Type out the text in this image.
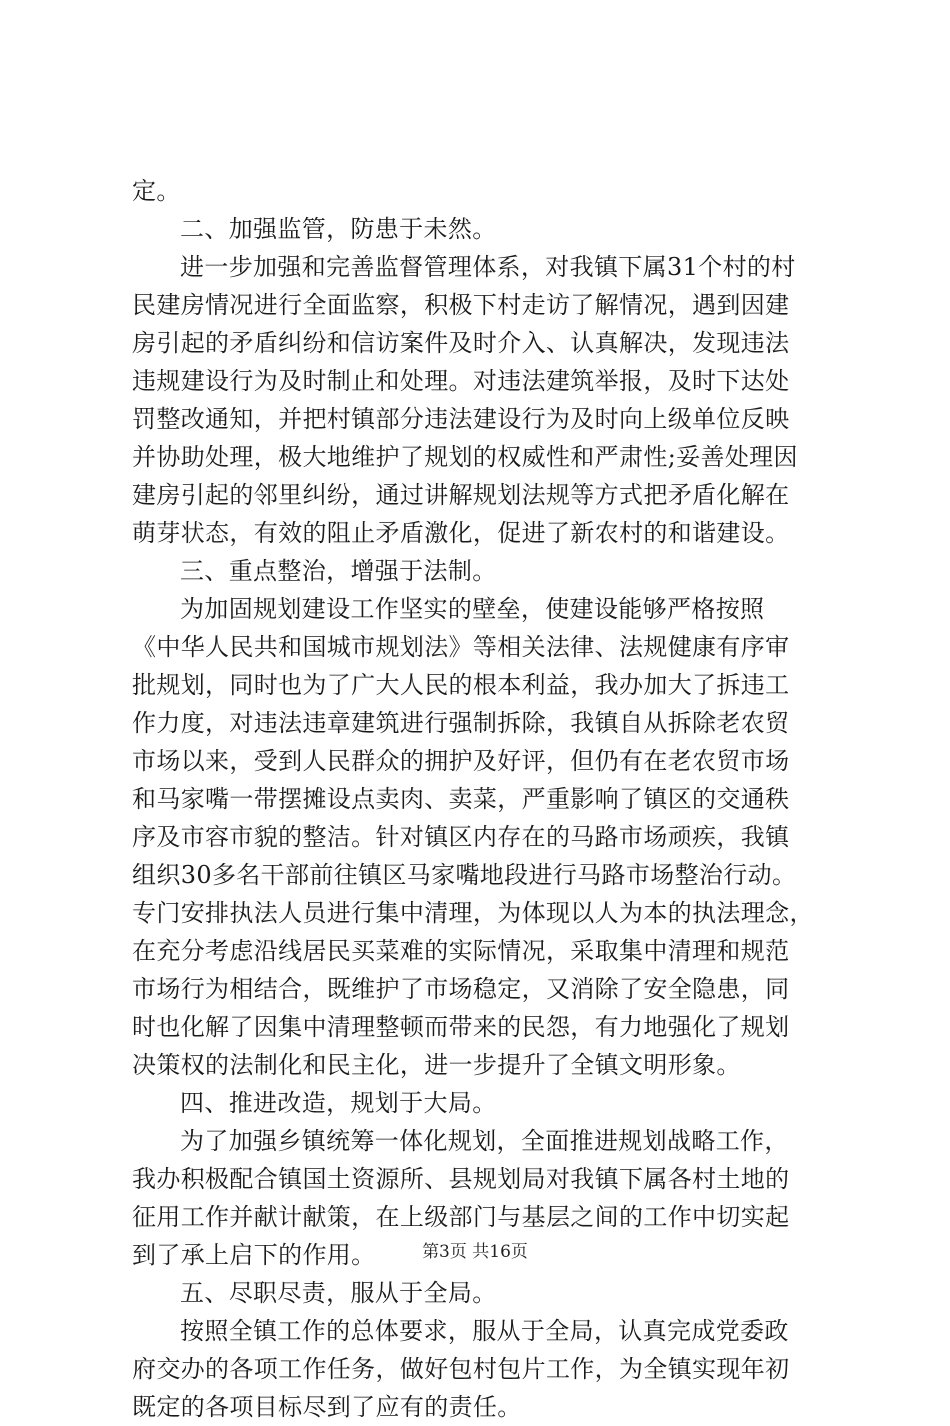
定。
二、加强监管，防患于未然。
进一步加强和完善监督管理体系，对我镇下属31个村的村
民建房情况进行全面监察，积极下村走访了解情况，遇到因建
房引起的矛盾纠纷和信访案件及时介入、认真解决，发现违法
违规建设行为及时制止和处理。对违法建筑举报，及时下达处
罚整改通知，并把村镇部分违法建设行为及时向上级单位反映
并协助处理，极大地维护了规划的权威性和严肃性;妥善处理因
建房引起的邻里纠纷，通过讲解规划法规等方式把矛盾化解在
萌芽状态，有效的阻止矛盾激化，促进了新农村的和谐建设。
三、重点整治，增强于法制。
为加固规划建设工作坚实的壁垒，使建设能够严格按照
《中华人民共和国城市规划法》等相关法律、法规健康有序审
批规划，同时也为了广大人民的根本利益，我办加大了拆违工
作力度，对违法违章建筑进行强制拆除，我镇自从拆除老农贸
市场以来，受到人民群众的拥护及好评，但仍有在老农贸市场
和马家嘴一带摆摊设点卖肉、卖菜，严重影响了镇区的交通秩
序及市容市貌的整洁。针对镇区内存在的马路市场顽疾，我镇
组织30多名干部前往镇区马家嘴地段进行马路市场整治行动。
专门安排执法人员进行集中清理，为体现以人为本的执法理念，
在充分考虑沿线居民买菜难的实际情况，采取集中清理和规范
市场行为相结合，既维护了市场稳定，又消除了安全隐患，同
时也化解了因集中清理整顿而带来的民怨，有力地强化了规划
决策权的法制化和民主化，进一步提升了全镇文明形象。
四、推进改造，规划于大局。
为了加强乡镇统筹一体化规划，全面推进规划战略工作，
我办积极配合镇国土资源所、县规划局对我镇下属各村土地的
征用工作并献计献策，在上级部门与基层之间的工作中切实起
到了承上启下的作用。
五、尽职尽责，服从于全局。
按照全镇工作的总体要求，服从于全局，认真完成党委政
府交办的各项工作任务，做好包村包片工作，为全镇实现年初
既定的各项目标尽到了应有的责任。
第3页 共16页
